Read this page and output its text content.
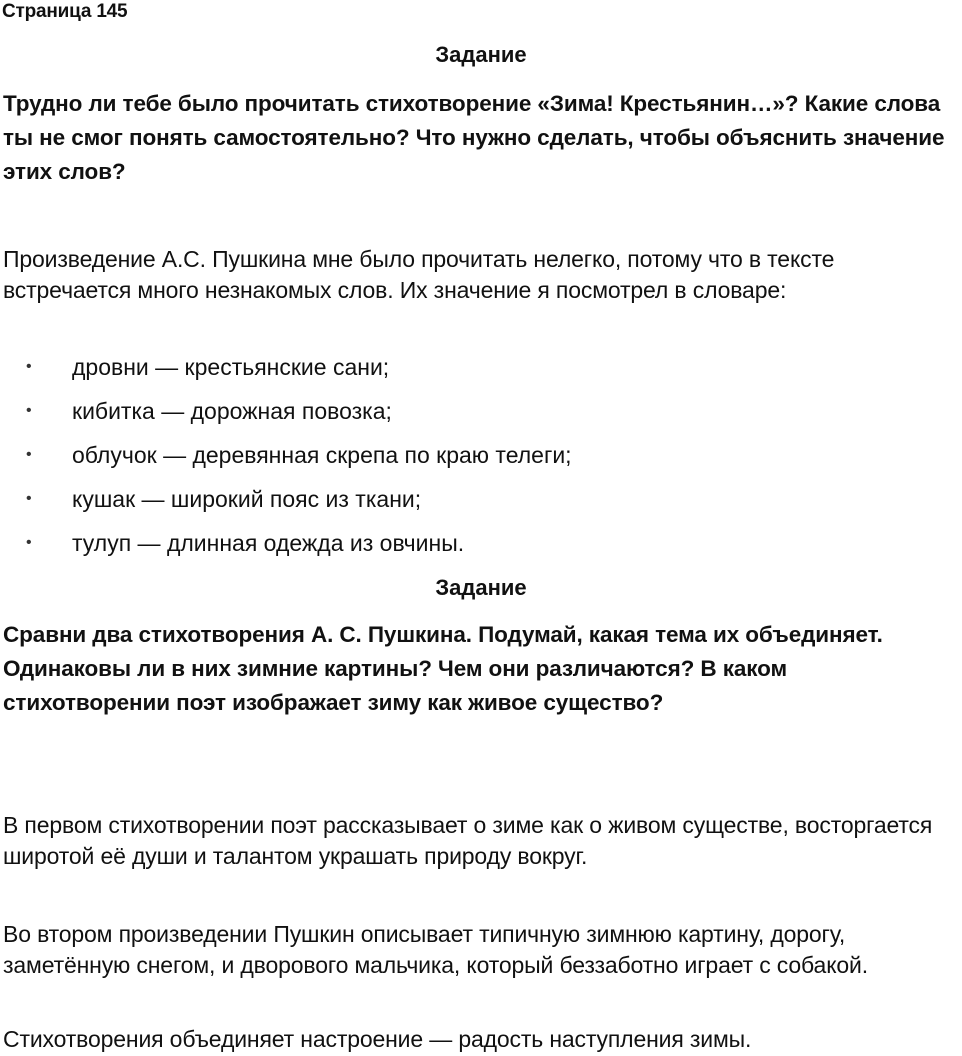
Страница 145
Задание
Трудно ли тебе было прочитать стихотворение «Зима! Крестьянин…»? Какие слова ты не смог понять самостоятельно? Что нужно сделать, чтобы объяснить значение этих слов?
Произведение А.С. Пушкина мне было прочитать нелегко, потому что в тексте встречается много незнакомых слов. Их значение я посмотрел в словаре:
• дровни — крестьянские сани;
• кибитка — дорожная повозка;
• облучок — деревянная скрепа по краю телеги;
• кушак — широкий пояс из ткани;
• тулуп — длинная одежда из овчины.
Задание
Сравни два стихотворения А. С. Пушкина. Подумай, какая тема их объединяет. Одинаковы ли в них зимние картины? Чем они различаются? В каком стихотворении поэт изображает зиму как живое существо?
В первом стихотворении поэт рассказывает о зиме как о живом существе, восторгается широтой её души и талантом украшать природу вокруг.
Во втором произведении Пушкин описывает типичную зимнюю картину, дорогу, заметённую снегом, и дворового мальчика, который беззаботно играет с собакой.
Стихотворения объединяет настроение — радость наступления зимы.
